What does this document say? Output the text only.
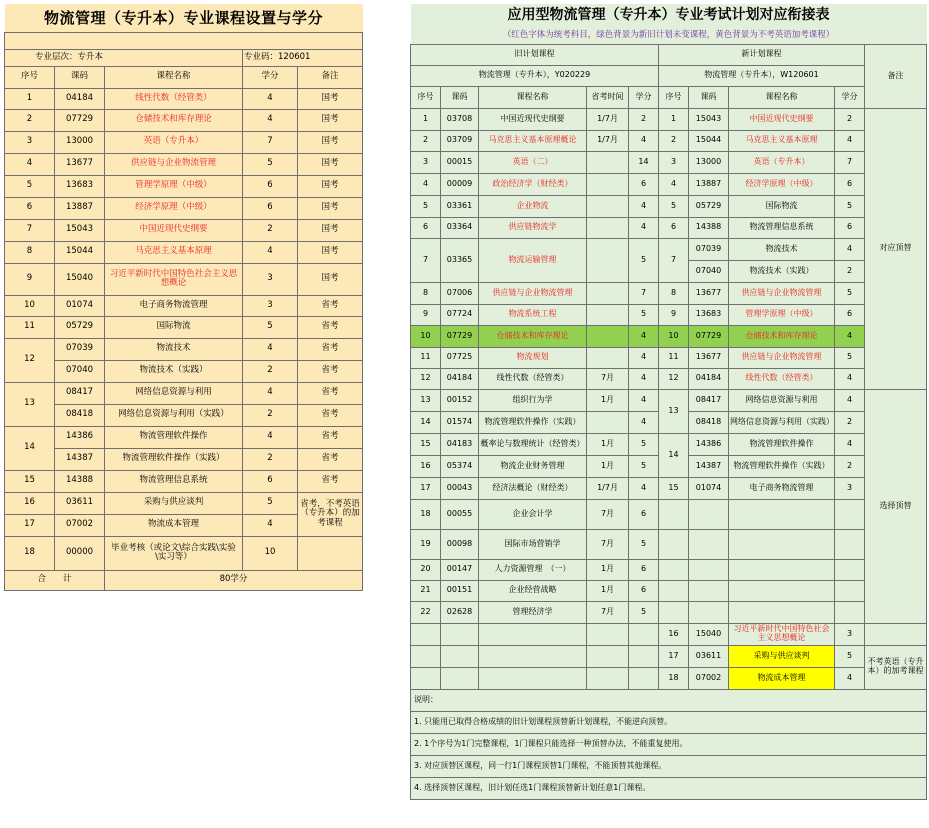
物流管理（专升本）专业课程设置与学分				

专业层次：专升本			专业码：120601	
序号	课码	课程名称	学分	备注
1	04184	线性代数（经管类）	4	国考
2	07729	仓储技术和库存理论	4	国考
3	13000	英语（专升本）	7	国考
4	13677	供应链与企业物流管理	5	国考
5	13683	管理学原理（中级）	6	国考
6	13887	经济学原理（中级）	6	国考
7	15043	中国近现代史纲要	2	国考
8	15044	马克思主义基本原理	4	国考
9	15040	习近平新时代中国特色社会主义思想概论	3	国考
10	01074	电子商务物流管理	3	省考
11	05729	国际物流	5	省考
12	07039	物流技术	4	省考
	07040	物流技术（实践）	2	省考
13	08417	网络信息资源与利用	4	省考
	08418	网络信息资源与利用（实践）	2	省考
14	14386	物流管理软件操作	4	省考
	14387	物流管理软件操作（实践）	2	省考
15	14388	物流管理信息系统	6	省考
16	03611	采购与供应谈判	5	省考，不考英语（专升本）的加考课程
17	07002	物流成本管理	4	
18	00000	毕业考核（或论文\综合实践\实验\实习等）	10	
合　　计		80学分		
应用型物流管理（专升本）专业考试计划对应衔接表									
（红色字体为统考科目，绿色背景为新旧计划未变课程，黄色背景为不考英语加考课程）									
旧计划课程					新计划课程				备注
物流管理（专升本），Y020229					物流管理（专升本），W120601				
序号	课码	课程名称	省考时间	学分	序号	课码	课程名称	学分	
1	03708	中国近现代史纲要	1/7月	2	1	15043	中国近现代史纲要	2	对应顶替
2	03709	马克思主义基本原理概论	1/7月	4	2	15044	马克思主义基本原理	4	
3	00015	英语（二）		14	3	13000	英语（专升本）	7	
4	00009	政治经济学（财经类）		6	4	13887	经济学原理（中级）	6	
5	03361	企业物流		4	5	05729	国际物流	5	
6	03364	供应链物流学		4	6	14388	物流管理信息系统	6	
7	03365	物流运输管理		5	7	07039	物流技术	4	
						07040	物流技术（实践）	2	
8	07006	供应链与企业物流管理		7	8	13677	供应链与企业物流管理	5	
9	07724	物流系统工程		5	9	13683	管理学原理（中级）	6	
10	07729	仓储技术和库存理论		4	10	07729	仓储技术和库存理论	4	
11	07725	物流规划		4	11	13677	供应链与企业物流管理	5	
12	04184	线性代数（经管类）	7月	4	12	04184	线性代数（经管类）	4	
13	00152	组织行为学	1月	4	13	08417	网络信息资源与利用	4	选择顶替
14	01574	物流管理软件操作（实践）		4		08418	网络信息资源与利用（实践）	2	
15	04183	概率论与数理统计（经管类）	1月	5	14	14386	物流管理软件操作	4	
16	05374	物流企业财务管理	1月	5		14387	物流管理软件操作（实践）	2	
17	00043	经济法概论（财经类）	1/7月	4	15	01074	电子商务物流管理	3	
18	00055	企业会计学	7月	6					
19	00098	国际市场营销学	7月	5					
20	00147	人力资源管理　（一）	1月	6					
21	00151	企业经营战略	1月	6					
22	02628	管理经济学	7月	5					
					16	15040	习近平新时代中国特色社会主义思想概论	3	
					17	03611	采购与供应谈判	5	不考英语（专升本）的加考课程
					18	07002	物流成本管理	4	
说明：									
1. 只能用已取得合格成绩的旧计划课程顶替新计划课程，不能逆向顶替。									
2. 1个序号为1门完整课程，1门课程只能选择一种顶替办法，不能重复使用。									
3. 对应顶替区课程，同一行1门课程顶替1门课程，不能顶替其他课程。									
4. 选择顶替区课程，旧计划任选1门课程顶替新计划任意1门课程。									
